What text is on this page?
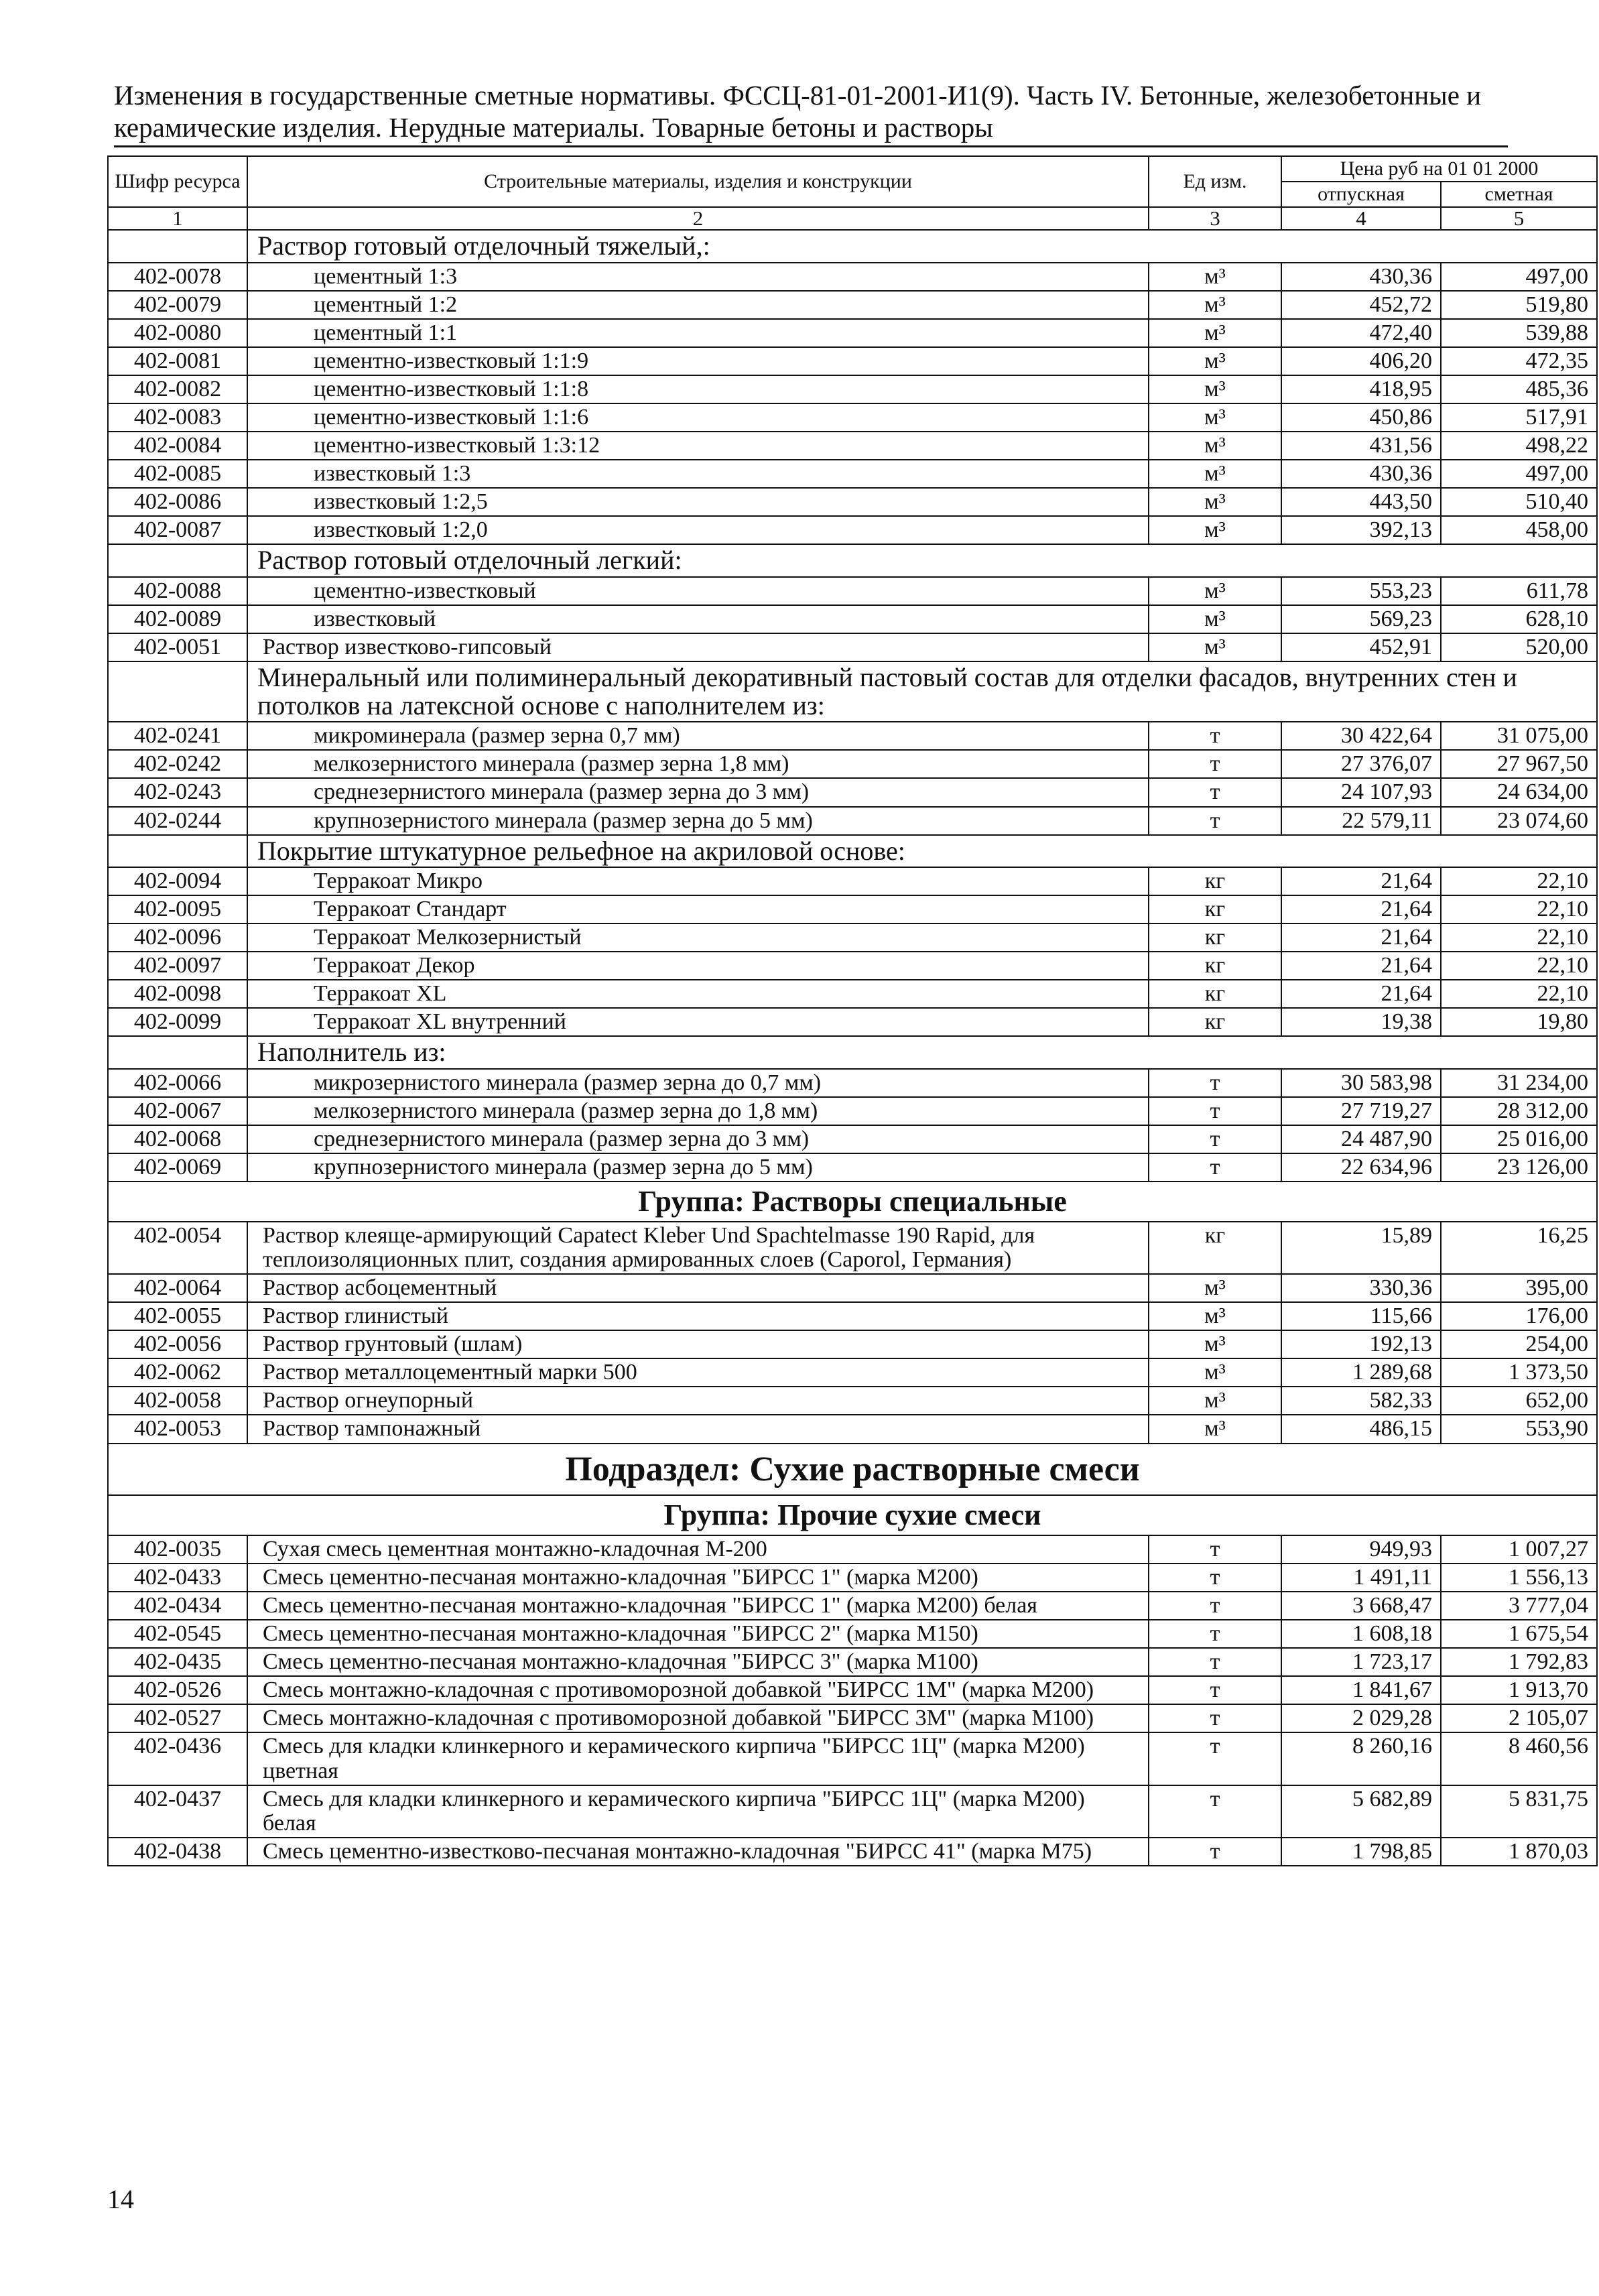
Изменения в государственные сметные нормативы. ФССЦ-81-01-2001-И1(9). Часть IV. Бетонные, железобетонные и
керамические изделия. Нерудные материалы. Товарные бетоны и растворы
Шифр ресурса	Строительные материалы, изделия и конструкции	Ед изм.	Цена руб на 01 01 2000	
			отпускная	сметная
1	2	3	4	5
	Раствор готовый отделочный тяжелый,:			
402-0078	цементный 1:3	м³	430,36	497,00
402-0079	цементный 1:2	м³	452,72	519,80
402-0080	цементный 1:1	м³	472,40	539,88
402-0081	цементно-известковый 1:1:9	м³	406,20	472,35
402-0082	цементно-известковый 1:1:8	м³	418,95	485,36
402-0083	цементно-известковый 1:1:6	м³	450,86	517,91
402-0084	цементно-известковый 1:3:12	м³	431,56	498,22
402-0085	известковый 1:3	м³	430,36	497,00
402-0086	известковый 1:2,5	м³	443,50	510,40
402-0087	известковый 1:2,0	м³	392,13	458,00
	Раствор готовый отделочный легкий:			
402-0088	цементно-известковый	м³	553,23	611,78
402-0089	известковый	м³	569,23	628,10
402-0051	Раствор известково-гипсовый	м³	452,91	520,00
	Минеральный или полиминеральный декоративный пастовый состав для отделки фасадов, внутренних стен и потолков на латексной основе с наполнителем из:			
402-0241	микроминерала (размер зерна 0,7 мм)	т	30 422,64	31 075,00
402-0242	мелкозернистого минерала (размер зерна 1,8 мм)	т	27 376,07	27 967,50
402-0243	среднезернистого минерала (размер зерна до 3 мм)	т	24 107,93	24 634,00
402-0244	крупнозернистого минерала (размер зерна до 5 мм)	т	22 579,11	23 074,60
	Покрытие штукатурное рельефное на акриловой основе:			
402-0094	Терракоат Микро	кг	21,64	22,10
402-0095	Терракоат Стандарт	кг	21,64	22,10
402-0096	Терракоат Мелкозернистый	кг	21,64	22,10
402-0097	Терракоат Декор	кг	21,64	22,10
402-0098	Терракоат XL	кг	21,64	22,10
402-0099	Терракоат XL внутренний	кг	19,38	19,80
	Наполнитель из:			
402-0066	микрозернистого минерала (размер зерна до 0,7 мм)	т	30 583,98	31 234,00
402-0067	мелкозернистого минерала (размер зерна до 1,8 мм)	т	27 719,27	28 312,00
402-0068	среднезернистого минерала (размер зерна до 3 мм)	т	24 487,90	25 016,00
402-0069	крупнозернистого минерала (размер зерна до 5 мм)	т	22 634,96	23 126,00
Группа: Растворы специальные				
402-0054	Раствор клеяще-армирующий Capatect Kleber Und Spachtelmasse 190 Rapid, для теплоизоляционных плит, создания армированных слоев (Caporol, Германия)	кг	15,89	16,25
402-0064	Раствор асбоцементный	м³	330,36	395,00
402-0055	Раствор глинистый	м³	115,66	176,00
402-0056	Раствор грунтовый (шлам)	м³	192,13	254,00
402-0062	Раствор металлоцементный марки 500	м³	1 289,68	1 373,50
402-0058	Раствор огнеупорный	м³	582,33	652,00
402-0053	Раствор тампонажный	м³	486,15	553,90
Подраздел: Сухие растворные смеси				
Группа: Прочие сухие смеси				
402-0035	Сухая смесь цементная монтажно-кладочная М-200	т	949,93	1 007,27
402-0433	Смесь цементно-песчаная монтажно-кладочная "БИРСС 1" (марка М200)	т	1 491,11	1 556,13
402-0434	Смесь цементно-песчаная монтажно-кладочная "БИРСС 1" (марка М200) белая	т	3 668,47	3 777,04
402-0545	Смесь цементно-песчаная монтажно-кладочная "БИРСС 2" (марка М150)	т	1 608,18	1 675,54
402-0435	Смесь цементно-песчаная монтажно-кладочная "БИРСС 3" (марка М100)	т	1 723,17	1 792,83
402-0526	Смесь монтажно-кладочная с противоморозной добавкой "БИРСС 1М" (марка М200)	т	1 841,67	1 913,70
402-0527	Смесь монтажно-кладочная с противоморозной добавкой "БИРСС 3М" (марка М100)	т	2 029,28	2 105,07
402-0436	Смесь для кладки клинкерного и керамического кирпича "БИРСС 1Ц" (марка М200) цветная	т	8 260,16	8 460,56
402-0437	Смесь для кладки клинкерного и керамического кирпича "БИРСС 1Ц" (марка М200) белая	т	5 682,89	5 831,75
402-0438	Смесь цементно-известково-песчаная монтажно-кладочная "БИРСС 41" (марка М75)	т	1 798,85	1 870,03
14
